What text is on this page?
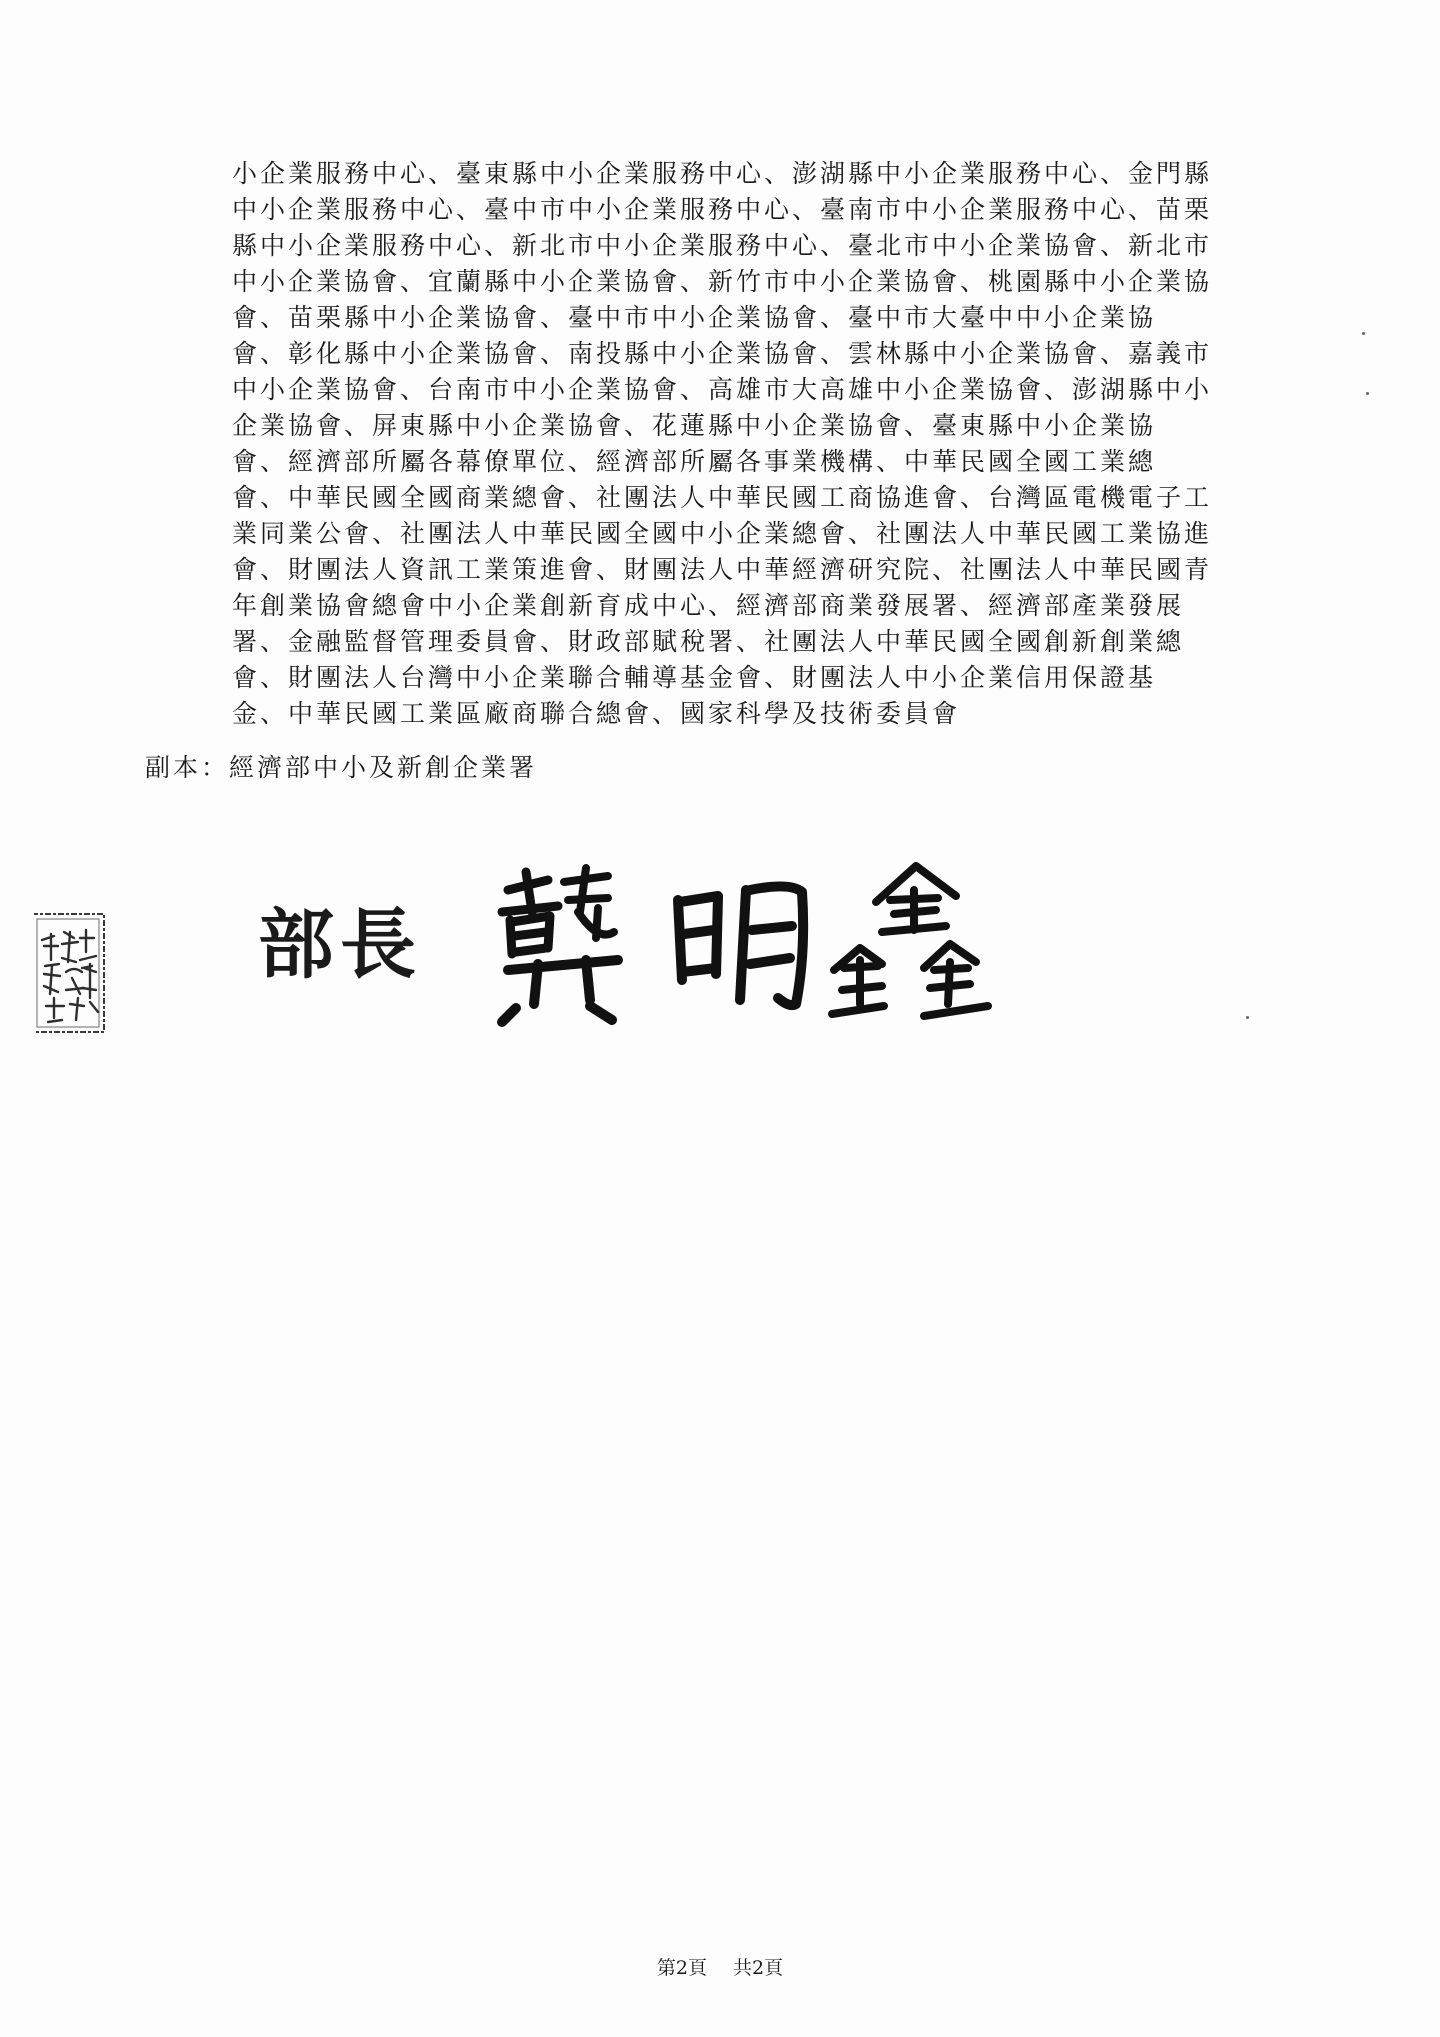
小企業服務中心、臺東縣中小企業服務中心、澎湖縣中小企業服務中心、金門縣
中小企業服務中心、臺中市中小企業服務中心、臺南市中小企業服務中心、苗栗
縣中小企業服務中心、新北市中小企業服務中心、臺北市中小企業協會、新北市
中小企業協會、宜蘭縣中小企業協會、新竹市中小企業協會、桃園縣中小企業協
會、苗栗縣中小企業協會、臺中市中小企業協會、臺中市大臺中中小企業協
會、彰化縣中小企業協會、南投縣中小企業協會、雲林縣中小企業協會、嘉義市
中小企業協會、台南市中小企業協會、高雄市大高雄中小企業協會、澎湖縣中小
企業協會、屏東縣中小企業協會、花蓮縣中小企業協會、臺東縣中小企業協
會、經濟部所屬各幕僚單位、經濟部所屬各事業機構、中華民國全國工業總
會、中華民國全國商業總會、社團法人中華民國工商協進會、台灣區電機電子工
業同業公會、社團法人中華民國全國中小企業總會、社團法人中華民國工業協進
會、財團法人資訊工業策進會、財團法人中華經濟研究院、社團法人中華民國青
年創業協會總會中小企業創新育成中心、經濟部商業發展署、經濟部產業發展
署、金融監督管理委員會、財政部賦稅署、社團法人中華民國全國創新創業總
會、財團法人台灣中小企業聯合輔導基金會、財團法人中小企業信用保證基
金、中華民國工業區廠商聯合總會、國家科學及技術委員會
副本：經濟部中小及新創企業署
部長
第2頁 共2頁
